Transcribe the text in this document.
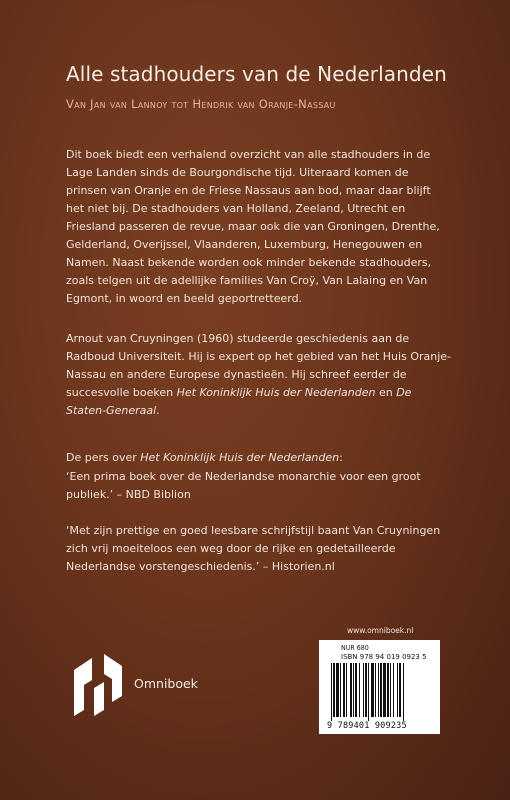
Alle stadhouders van de Nederlanden
Van Jan van Lannoy tot Hendrik van Oranje-Nassau
Dit boek biedt een verhalend overzicht van alle stadhouders in de Lage Landen sinds de Bourgondische tijd. Uiteraard komen de prinsen van Oranje en de Friese Nassaus aan bod, maar daar blijft het niet bij. De stadhouders van Holland, Zeeland, Utrecht en Friesland passeren de revue, maar ook die van Groningen, Drenthe, Gelderland, Overijssel, Vlaanderen, Luxemburg, Henegouwen en Namen. Naast bekende worden ook minder bekende stadhouders, zoals telgen uit de adellijke families Van Croÿ, Van Lalaing en Van Egmont, in woord en beeld geportretteerd.
Arnout van Cruyningen (1960) studeerde geschiedenis aan de Radboud Universiteit. Hij is expert op het gebied van het Huis Oranje-Nassau en andere Europese dynastieën. Hij schreef eerder de succesvolle boeken Het Koninklijk Huis der Nederlanden en De Staten-Generaal.
De pers over Het Koninklijk Huis der Nederlanden:
‘Een prima boek over de Nederlandse monarchie voor een groot publiek.’ – NBD Biblion
‘Met zijn prettige en goed leesbare schrijfstijl baant Van Cruyningen zich vrij moeiteloos een weg door de rijke en gedetailleerde Nederlandse vorstengeschiedenis.’ – Historien.nl
www.omniboek.nl
NUR 680
ISBN 978 94 019 0923 5
9 789401 909235
Omniboek
